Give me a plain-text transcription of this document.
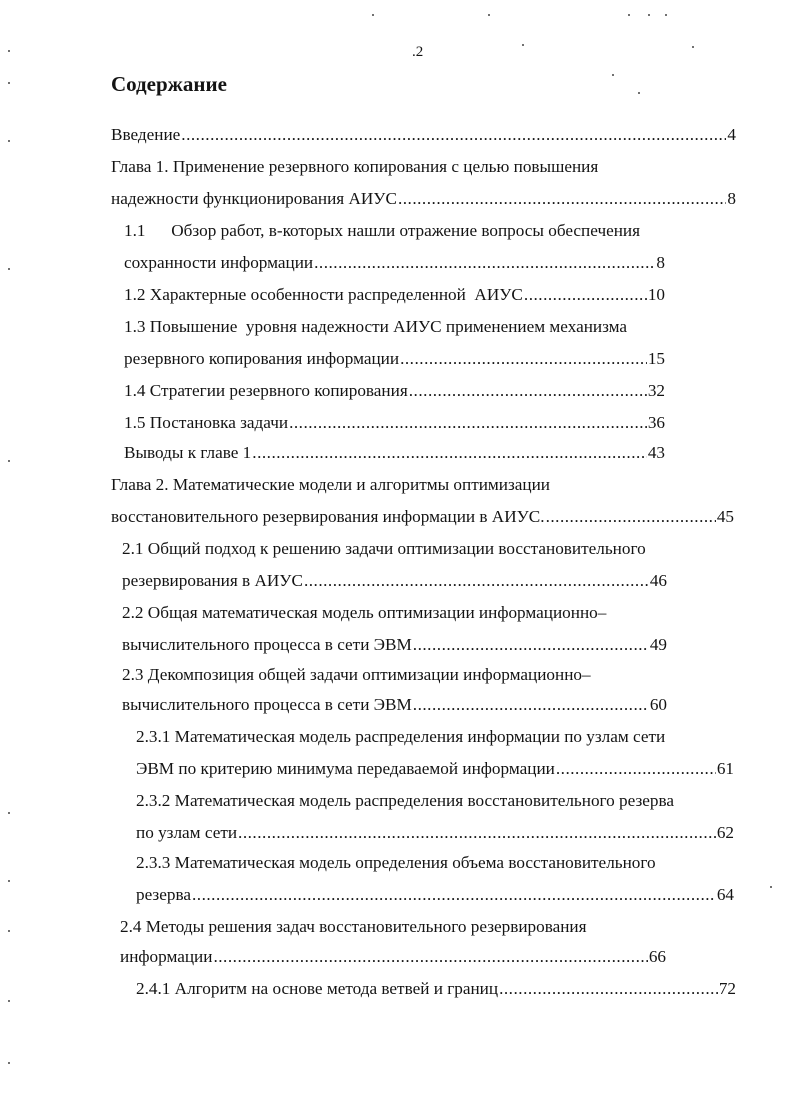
.2
Содержание
Введение .....	4
Глава 1. Применение резервного копирования с целью повышения
надежности функционирования АИУС .....	8
1.1      Обзор работ, в-которых нашли отражение вопросы обеспечения
сохранности информации .....	8
1.2 Характерные особенности распределенной  АИУС .....	10
1.3 Повышение  уровня надежности АИУС применением механизма
резервного копирования информации .....	15
1.4 Стратегии резервного копирования .....	32
1.5 Постановка задачи .....	36
Выводы к главе 1 .....	43
Глава 2. Математические модели и алгоритмы оптимизации
восстановительного резервирования информации в АИУС. .....	45
2.1 Общий подход к решению задачи оптимизации восстановительного
резервирования в АИУС .....	46
2.2 Общая математическая модель оптимизации информационно–
вычислительного процесса в сети ЭВМ .....	49
2.3 Декомпозиция общей задачи оптимизации информационно–
вычислительного процесса в сети ЭВМ .....	60
2.3.1 Математическая модель распределения информации по узлам сети
ЭВМ по критерию минимума передаваемой информации .....	61
2.3.2 Математическая модель распределения восстановительного резерва
по узлам сети .....	62
2.3.3 Математическая модель определения объема восстановительного
резерва .....	64
2.4 Методы решения задач восстановительного резервирования
информации .....	66
2.4.1 Алгоритм на основе метода ветвей и границ .....	72
